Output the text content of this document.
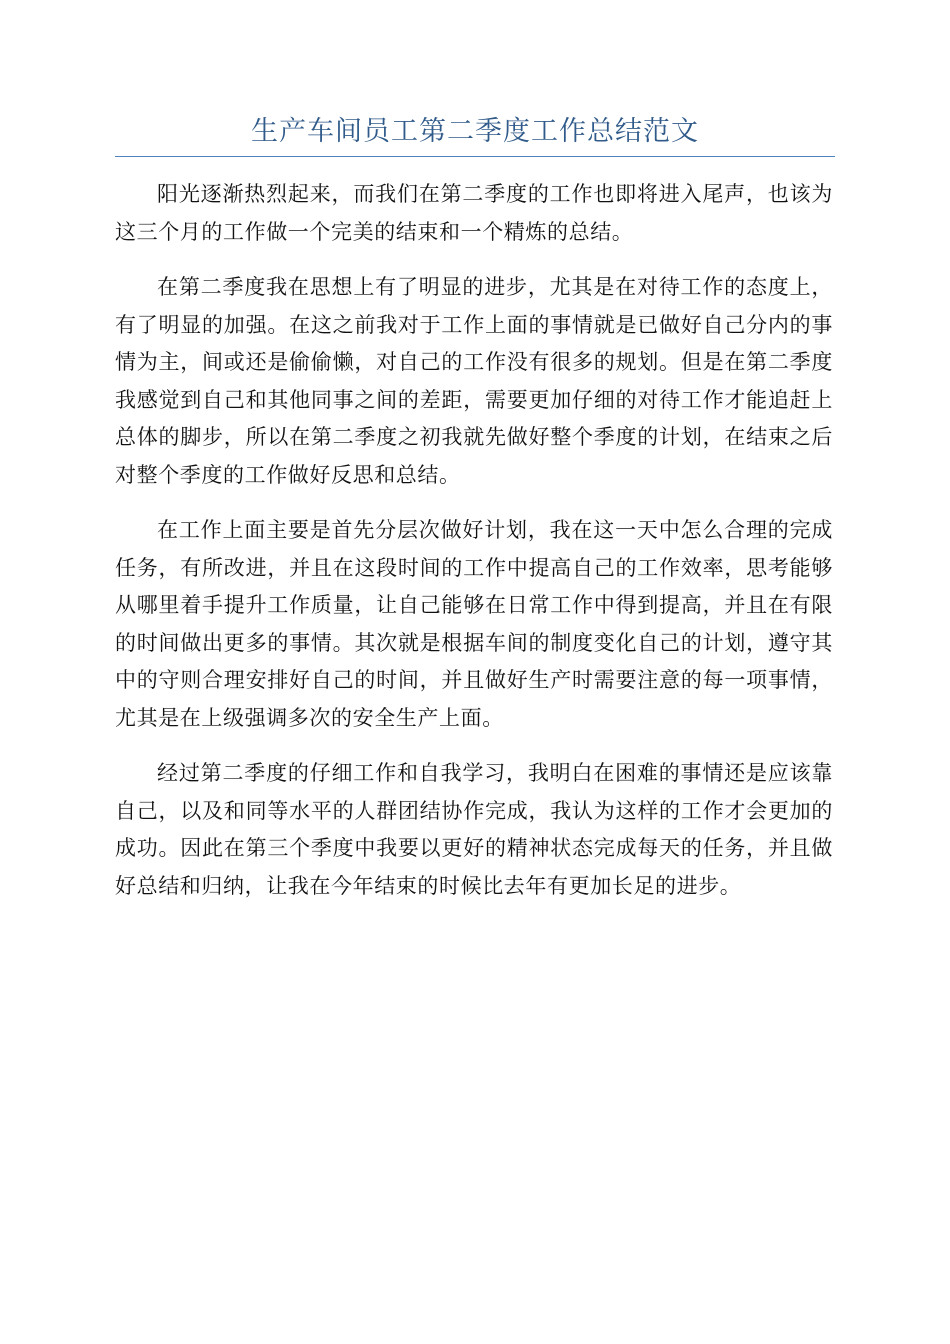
生产车间员工第二季度工作总结范文

阳光逐渐热烈起来，而我们在第二季度的工作也即将进入尾声，也该为这三个月的工作做一个完美的结束和一个精炼的总结。

在第二季度我在思想上有了明显的进步，尤其是在对待工作的态度上，有了明显的加强。在这之前我对于工作上面的事情就是已做好自己分内的事情为主，间或还是偷偷懒，对自己的工作没有很多的规划。但是在第二季度我感觉到自己和其他同事之间的差距，需要更加仔细的对待工作才能追赶上总体的脚步，所以在第二季度之初我就先做好整个季度的计划，在结束之后对整个季度的工作做好反思和总结。

在工作上面主要是首先分层次做好计划，我在这一天中怎么合理的完成任务，有所改进，并且在这段时间的工作中提高自己的工作效率，思考能够从哪里着手提升工作质量，让自己能够在日常工作中得到提高，并且在有限的时间做出更多的事情。其次就是根据车间的制度变化自己的计划，遵守其中的守则合理安排好自己的时间，并且做好生产时需要注意的每一项事情，尤其是在上级强调多次的安全生产上面。

经过第二季度的仔细工作和自我学习，我明白在困难的事情还是应该靠自己，以及和同等水平的人群团结协作完成，我认为这样的工作才会更加的成功。因此在第三个季度中我要以更好的精神状态完成每天的任务，并且做好总结和归纳，让我在今年结束的时候比去年有更加长足的进步。
